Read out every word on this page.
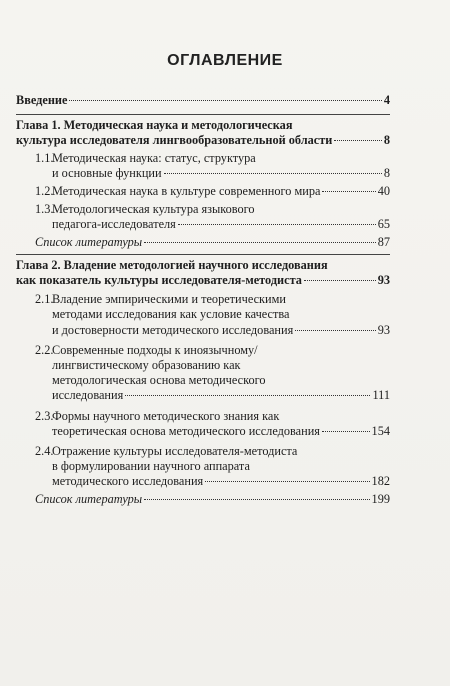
ОГЛАВЛЕНИЕ
Введение	4
Глава 1. Методическая наука и методологическая
культура исследователя лингвообразовательной области	8
1.1.
Методическая наука: статус, структура
и основные функции	8
1.2.
Методическая наука в культуре современного мира	40
1.3.
Методологическая культура языкового
педагога-исследователя	65
Список литературы	87
Глава 2. Владение методологией научного исследования
как показатель культуры исследователя-методиста	93
2.1.
Владение эмпирическими и теоретическими
методами исследования как условие качества
и достоверности методического исследования	93
2.2.
Современные подходы к иноязычному/
лингвистическому образованию как
методологическая основа методического
исследования	111
2.3.
Формы научного методического знания как
теоретическая основа методического исследования	154
2.4.
Отражение культуры исследователя-методиста
в формулировании научного аппарата
методического исследования	182
Список литературы	199
